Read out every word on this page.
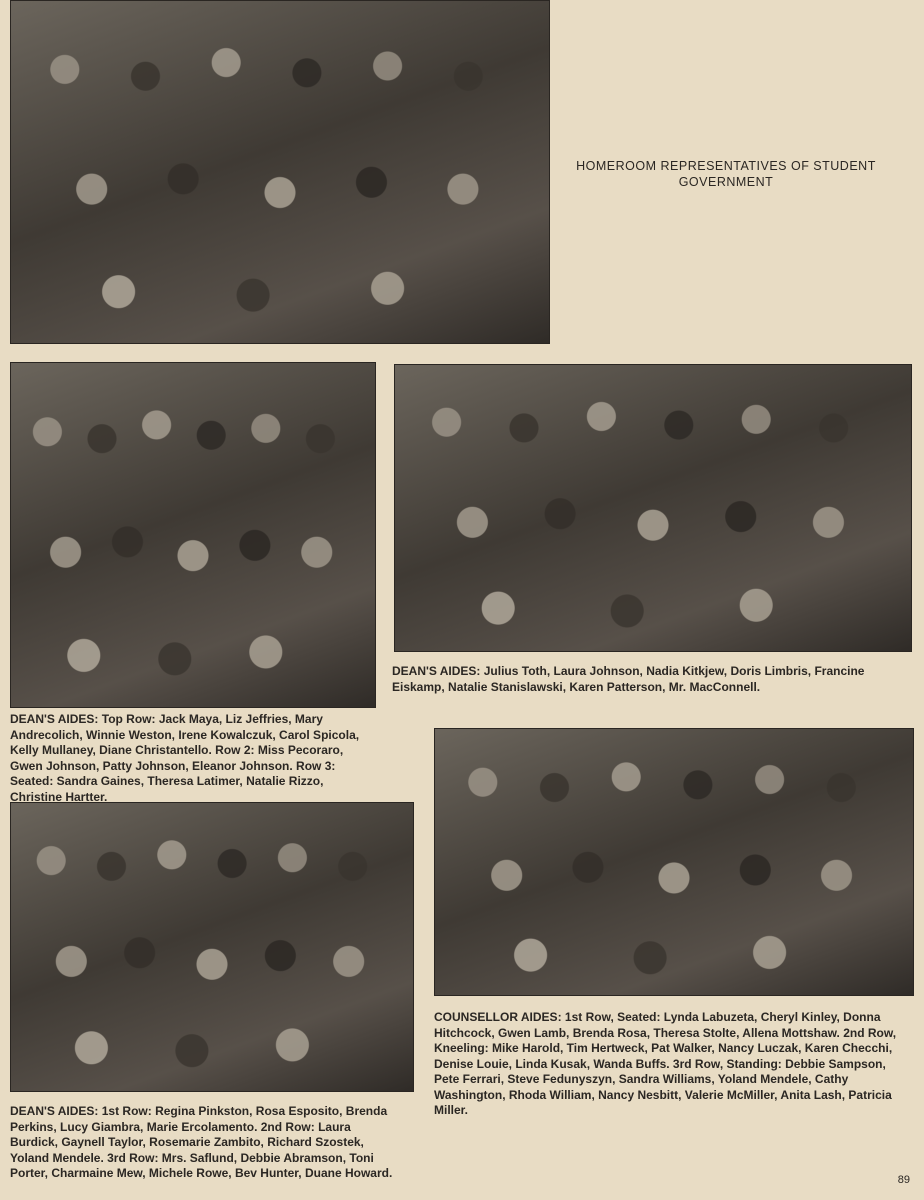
HOMEROOM REPRESENTATIVES OF STUDENT GOVERNMENT

DEAN'S AIDES: Julius Toth, Laura Johnson, Nadia Kitkjew, Doris Limbris, Francine Eiskamp, Natalie Stanislawski, Karen Patterson, Mr. MacConnell.

DEAN'S AIDES: Top Row: Jack Maya, Liz Jeffries, Mary Andrecolich, Winnie Weston, Irene Kowalczuk, Carol Spicola, Kelly Mullaney, Diane Christantello. Row 2: Miss Pecoraro, Gwen Johnson, Patty Johnson, Eleanor Johnson. Row 3: Seated: Sandra Gaines, Theresa Latimer, Natalie Rizzo, Christine Hartter.

COUNSELLOR AIDES: 1st Row, Seated: Lynda Labuzeta, Cheryl Kinley, Donna Hitchcock, Gwen Lamb, Brenda Rosa, Theresa Stolte, Allena Mottshaw. 2nd Row, Kneeling: Mike Harold, Tim Hertweck, Pat Walker, Nancy Luczak, Karen Checchi, Denise Louie, Linda Kusak, Wanda Buffs. 3rd Row, Standing: Debbie Sampson, Pete Ferrari, Steve Fedunyszyn, Sandra Williams, Yoland Mendele, Cathy Washington, Rhoda William, Nancy Nesbitt, Valerie McMiller, Anita Lash, Patricia Miller.

DEAN'S AIDES: 1st Row: Regina Pinkston, Rosa Esposito, Brenda Perkins, Lucy Giambra, Marie Ercolamento. 2nd Row: Laura Burdick, Gaynell Taylor, Rosemarie Zambito, Richard Szostek, Yoland Mendele. 3rd Row: Mrs. Saflund, Debbie Abramson, Toni Porter, Charmaine Mew, Michele Rowe, Bev Hunter, Duane Howard.	89
